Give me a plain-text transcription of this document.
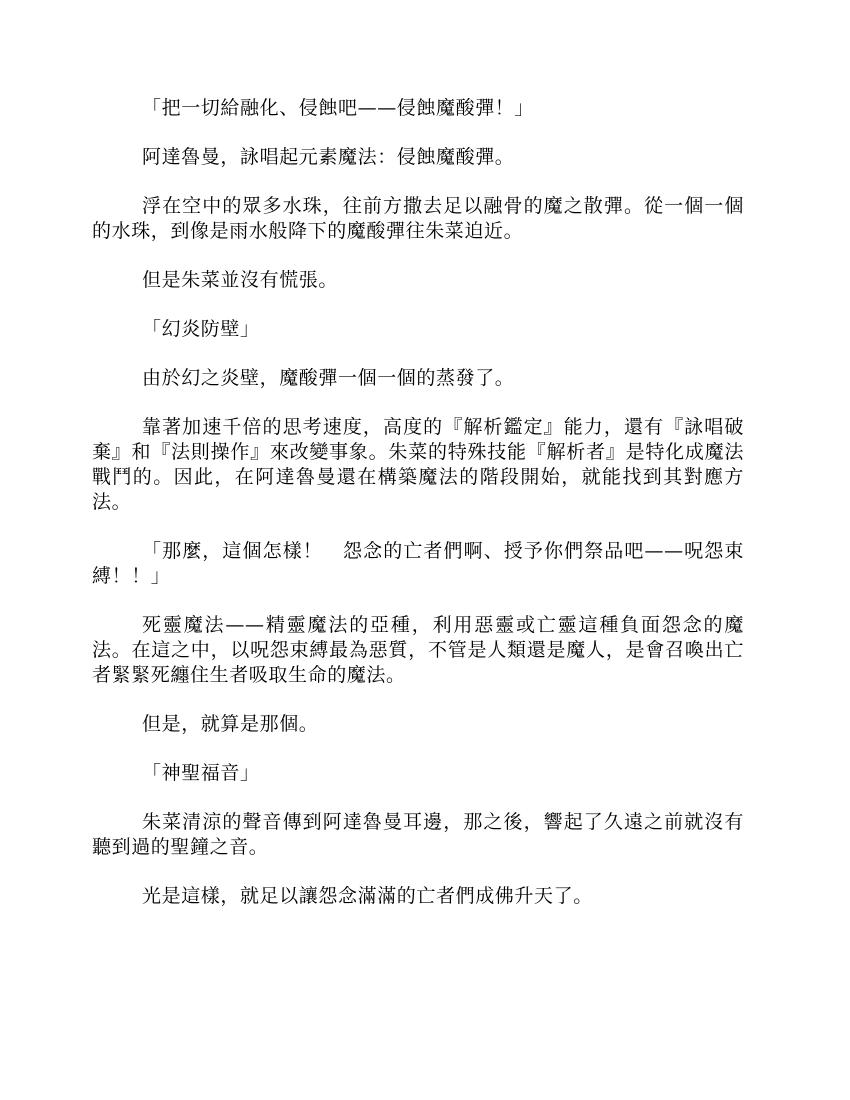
「把一切給融化、侵蝕吧——侵蝕魔酸彈！」

阿達魯曼，詠唱起元素魔法：侵蝕魔酸彈。

浮在空中的眾多水珠，往前方撒去足以融骨的魔之散彈。從一個一個的水珠，到像是雨水般降下的魔酸彈往朱菜迫近。

但是朱菜並沒有慌張。

「幻炎防壁」

由於幻之炎壁，魔酸彈一個一個的蒸發了。

靠著加速千倍的思考速度，高度的『解析鑑定』能力，還有『詠唱破棄』和『法則操作』來改變事象。朱菜的特殊技能『解析者』是特化成魔法戰鬥的。因此，在阿達魯曼還在構築魔法的階段開始，就能找到其對應方法。

「那麼，這個怎樣！　怨念的亡者們啊、授予你們祭品吧——呪怨束縛！！」

死靈魔法——精靈魔法的亞種，利用惡靈或亡靈這種負面怨念的魔法。在這之中，以呪怨束縛最為惡質，不管是人類還是魔人，是會召喚出亡者緊緊死纏住生者吸取生命的魔法。

但是，就算是那個。

「神聖福音」

朱菜清涼的聲音傳到阿達魯曼耳邊，那之後，響起了久遠之前就沒有聽到過的聖鐘之音。

光是這樣，就足以讓怨念滿滿的亡者們成佛升天了。
